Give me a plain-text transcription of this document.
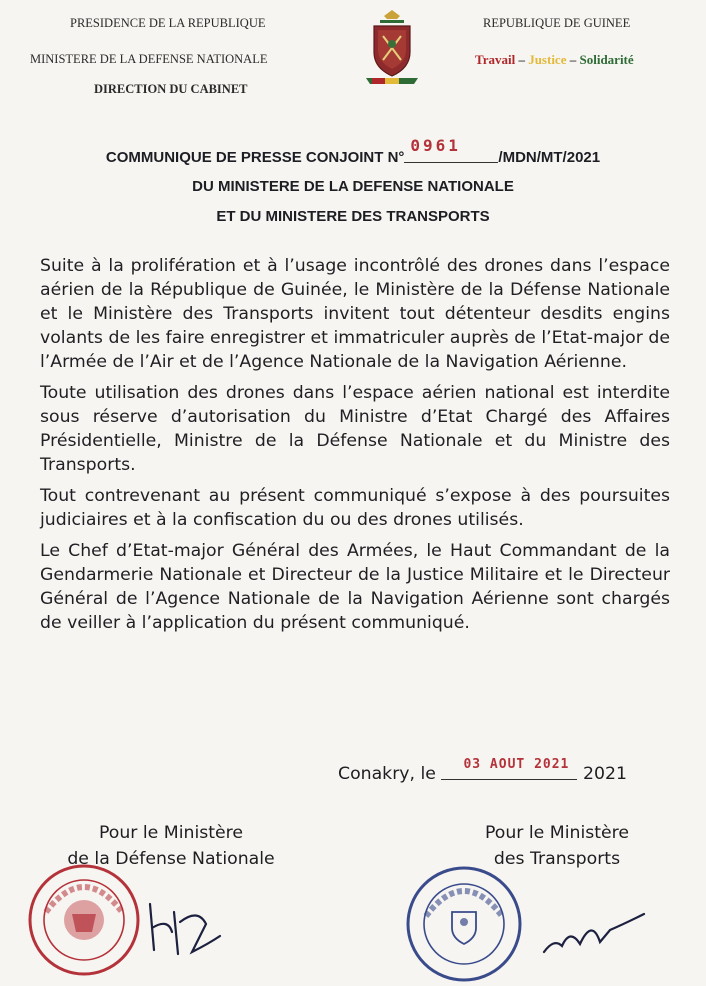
PRESIDENCE DE LA REPUBLIQUE
MINISTERE DE LA DEFENSE NATIONALE
DIRECTION DU CABINET
REPUBLIQUE DE GUINEE
Travail – Justice – Solidarité
COMMUNIQUE DE PRESSE CONJOINT N°
0961
/MDN/MT/2021
DU MINISTERE DE LA DEFENSE NATIONALE
ET DU MINISTERE DES TRANSPORTS

Suite à la prolifération et à l’usage incontrôlé des drones dans l’espace aérien de la République de Guinée, le Ministère de la Défense Nationale et le Ministère des Transports invitent tout détenteur desdits engins volants de les faire enregistrer et immatriculer auprès de l’Etat-major de l’Armée de l’Air et de l’Agence Nationale de la Navigation Aérienne.

Toute utilisation des drones dans l’espace aérien national est interdite sous réserve d’autorisation du Ministre d’Etat Chargé des Affaires Présidentielle, Ministre de la Défense Nationale et du Ministre des Transports.

Tout contrevenant au présent communiqué s’expose à des poursuites judiciaires et à la confiscation du ou des drones utilisés.

Le Chef d’Etat-major Général des Armées, le Haut Commandant de la Gendarmerie Nationale et Directeur de la Justice Militaire et le Directeur Général de l’Agence Nationale de la Navigation Aérienne sont chargés de veiller à l’application du présent communiqué.

Conakry, le 03 AOUT 2021 2021
Pour le Ministère
de la Défense Nationale
Pour le Ministère
des Transports
